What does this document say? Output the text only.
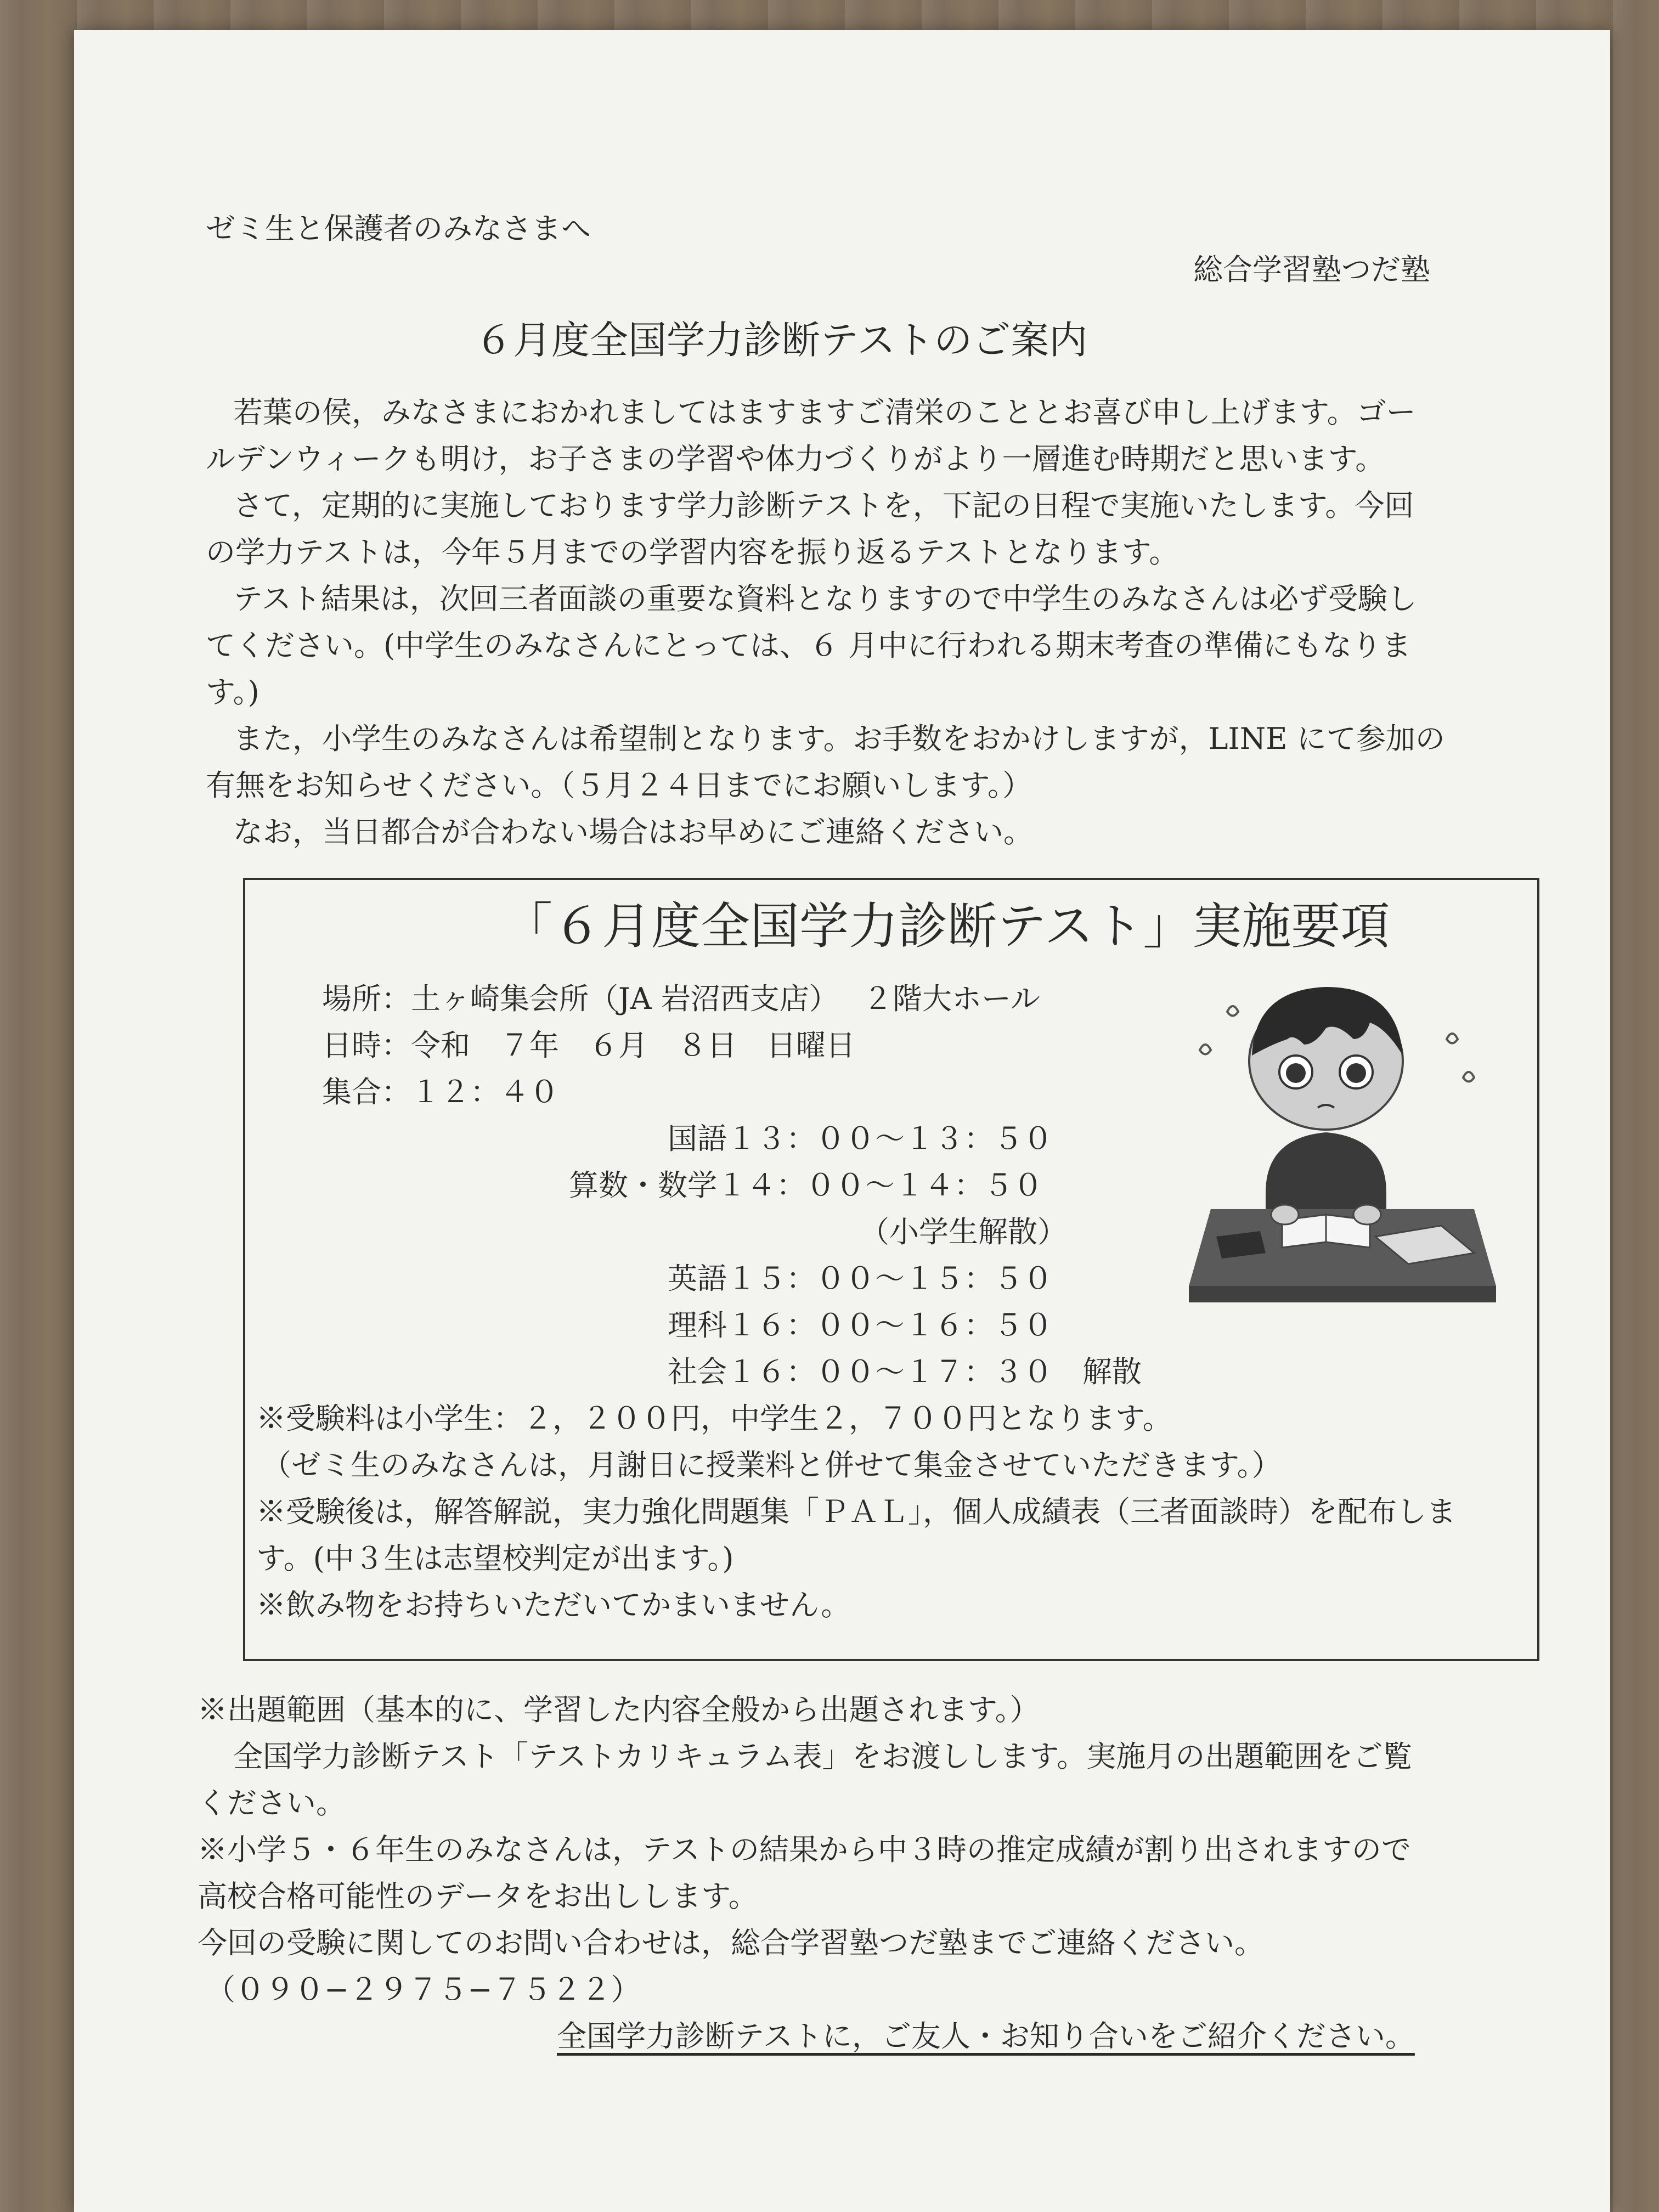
ゼミ生と保護者のみなさまへ
総合学習塾つだ塾
６月度全国学力診断テストのご案内
若葉の侯，みなさまにおかれましてはますますご清栄のこととお喜び申し上げます。ゴー
ルデンウィークも明け，お子さまの学習や体力づくりがより一層進む時期だと思います。
さて，定期的に実施しております学力診断テストを，下記の日程で実施いたします。今回
の学力テストは，今年５月までの学習内容を振り返るテストとなります。
テスト結果は，次回三者面談の重要な資料となりますので中学生のみなさんは必ず受験し
てください。(中学生のみなさんにとっては、６ 月中に行われる期末考査の準備にもなりま
す。)
また，小学生のみなさんは希望制となります。お手数をおかけしますが，LINE にて参加の
有無をお知らせください。（５月２４日までにお願いします。）
なお，当日都合が合わない場合はお早めにご連絡ください。
「６月度全国学力診断テスト」実施要項
場所：土ヶ崎集会所（JA 岩沼西支店）　 ２階大ホール
日時：令和　７年　６月　８日　日曜日
集合：１２：４０
国語１３：００〜１３：５０
算数・数学１４：００〜１４：５０
（小学生解散）
英語１５：００〜１５：５０
理科１６：００〜１６：５０
社会１６：００〜１７：３０　解散
※受験料は小学生：２，２００円，中学生２，７００円となります。
（ゼミ生のみなさんは，月謝日に授業料と併せて集金させていただきます。）
※受験後は，解答解説，実力強化問題集「ＰＡＬ」，個人成績表（三者面談時）を配布しま
す。(中３生は志望校判定が出ます。)
※飲み物をお持ちいただいてかまいません。
※出題範囲（基本的に、学習した内容全般から出題されます。）
全国学力診断テスト「テストカリキュラム表」をお渡しします。実施月の出題範囲をご覧
ください。
※小学５・６年生のみなさんは，テストの結果から中３時の推定成績が割り出されますので
高校合格可能性のデータをお出しします。
今回の受験に関してのお問い合わせは，総合学習塾つだ塾までご連絡ください。
（０９０−２９７５−７５２２）
全国学力診断テストに，ご友人・お知り合いをご紹介ください。
